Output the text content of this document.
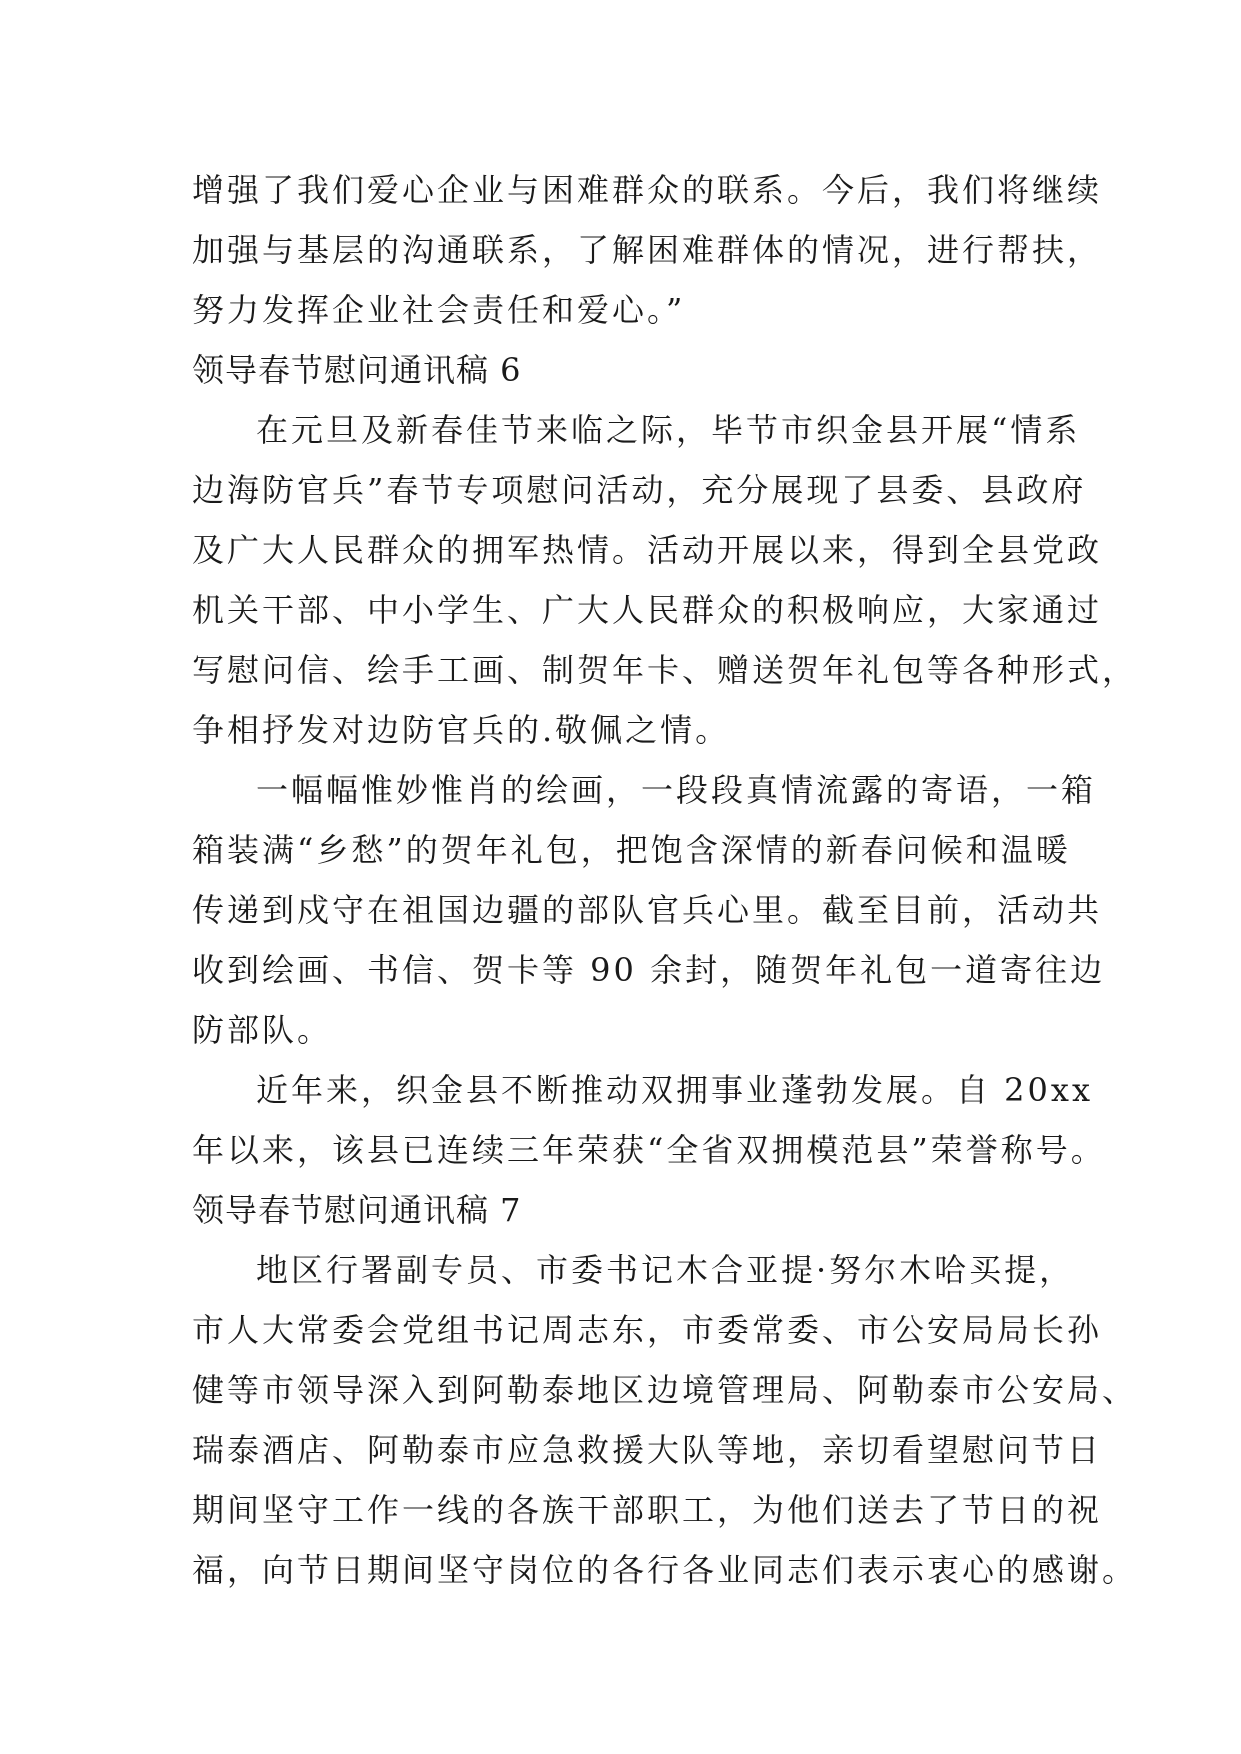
增强了我们爱心企业与困难群众的联系。今后，我们将继续
加强与基层的沟通联系，了解困难群体的情况，进行帮扶，
努力发挥企业社会责任和爱心。”
领导春节慰问通讯稿 6
在元旦及新春佳节来临之际，毕节市织金县开展“情系
边海防官兵”春节专项慰问活动，充分展现了县委、县政府
及广大人民群众的拥军热情。活动开展以来，得到全县党政
机关干部、中小学生、广大人民群众的积极响应，大家通过
写慰问信、绘手工画、制贺年卡、赠送贺年礼包等各种形式，
争相抒发对边防官兵的.敬佩之情。
一幅幅惟妙惟肖的绘画，一段段真情流露的寄语，一箱
箱装满“乡愁”的贺年礼包，把饱含深情的新春问候和温暖
传递到戍守在祖国边疆的部队官兵心里。截至目前，活动共
收到绘画、书信、贺卡等 90 余封，随贺年礼包一道寄往边
防部队。
近年来，织金县不断推动双拥事业蓬勃发展。自 20xx
年以来，该县已连续三年荣获“全省双拥模范县”荣誉称号。
领导春节慰问通讯稿 7
地区行署副专员、市委书记木合亚提·努尔木哈买提，
市人大常委会党组书记周志东，市委常委、市公安局局长孙
健等市领导深入到阿勒泰地区边境管理局、阿勒泰市公安局、
瑞泰酒店、阿勒泰市应急救援大队等地，亲切看望慰问节日
期间坚守工作一线的各族干部职工，为他们送去了节日的祝
福，向节日期间坚守岗位的各行各业同志们表示衷心的感谢。
